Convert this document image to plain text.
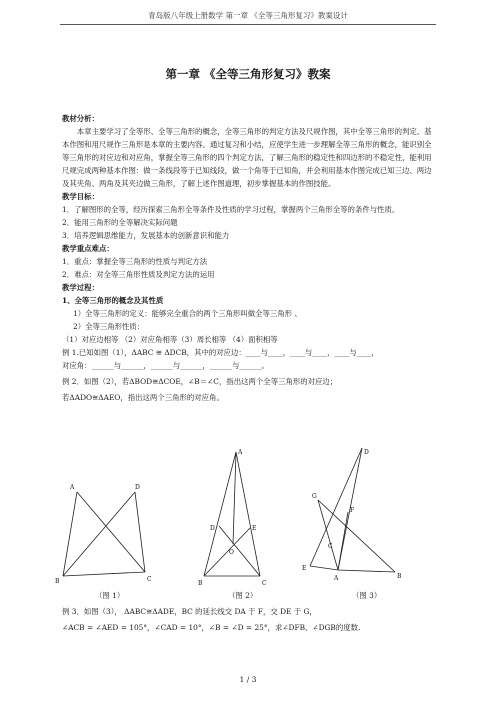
青岛版八年级上册数学 第一章 《全等三角形复习》教案设计
第一章 《全等三角形复习》教案

教材分析：

本章主要学习了全等形、全等三角形的概念，全等三角形的判定方法及尺规作图，其中全等三角形的判定、基本作图和用尺规作三角形是本章的主要内容。通过复习和小结，应使学生进一步理解全等三角形的概念，能识别全等三角形的对应边和对应角，掌握全等三角形的四个判定方法，了解三角形的稳定性和四边形的不稳定性，能利用尺规完成两种基本作图：做一条线段等于已知线段，做一个角等于已知角，并会利用基本作图完成已知三边、两边及其夹角、两角及其夹边做三角形，了解上述作图道理，初步掌握基本的作图技能。

教学目标：

1．了解图形的全等，经历探索三角形全等条件及性质的学习过程，掌握两个三角形全等的条件与性质。

2．能用三角形的全等解决实际问题

3．培养逻辑思维能力，发展基本的创新意识和能力

教学重点难点：

1．重点：掌握全等三角形的性质与判定方法

2．难点：对全等三角形性质及判定方法的运用

教学过程：

1、全等三角形的概念及其性质

1）全等三角形的定义：能够完全重合的两个三角形叫做全等三角形 、

2）全等三角形性质：

（1）对应边相等 （2）对应角相等（3）周长相等 （4）面积相等

例 1.已知如图（1），ΔABC ≅ ΔDCB，其中的对应边：____与____，____与____，____与____，

对应角：______与______，______与______，______与______。

例 2．如图（2），若ΔBOD≅ΔCOE，∠B＝∠C，指出这两个全等三角形的对应边；

若ΔADO≅ΔAEO，指出这两个三角形的对应角。

A	D
B	C
A
D	E
O
B	C
D
G
F
A
E
C
B
（图 1）	（图 2）	（图 3）

例 3．如图（3）， ΔABC≅ΔADE，BC 的延长线交 DA 于 F，交 DE 于 G，

∠ACB = ∠AED = 105°，∠CAD = 10°，∠B = ∠D = 25°，求∠DFB、∠DGB的度数.

1 / 3
